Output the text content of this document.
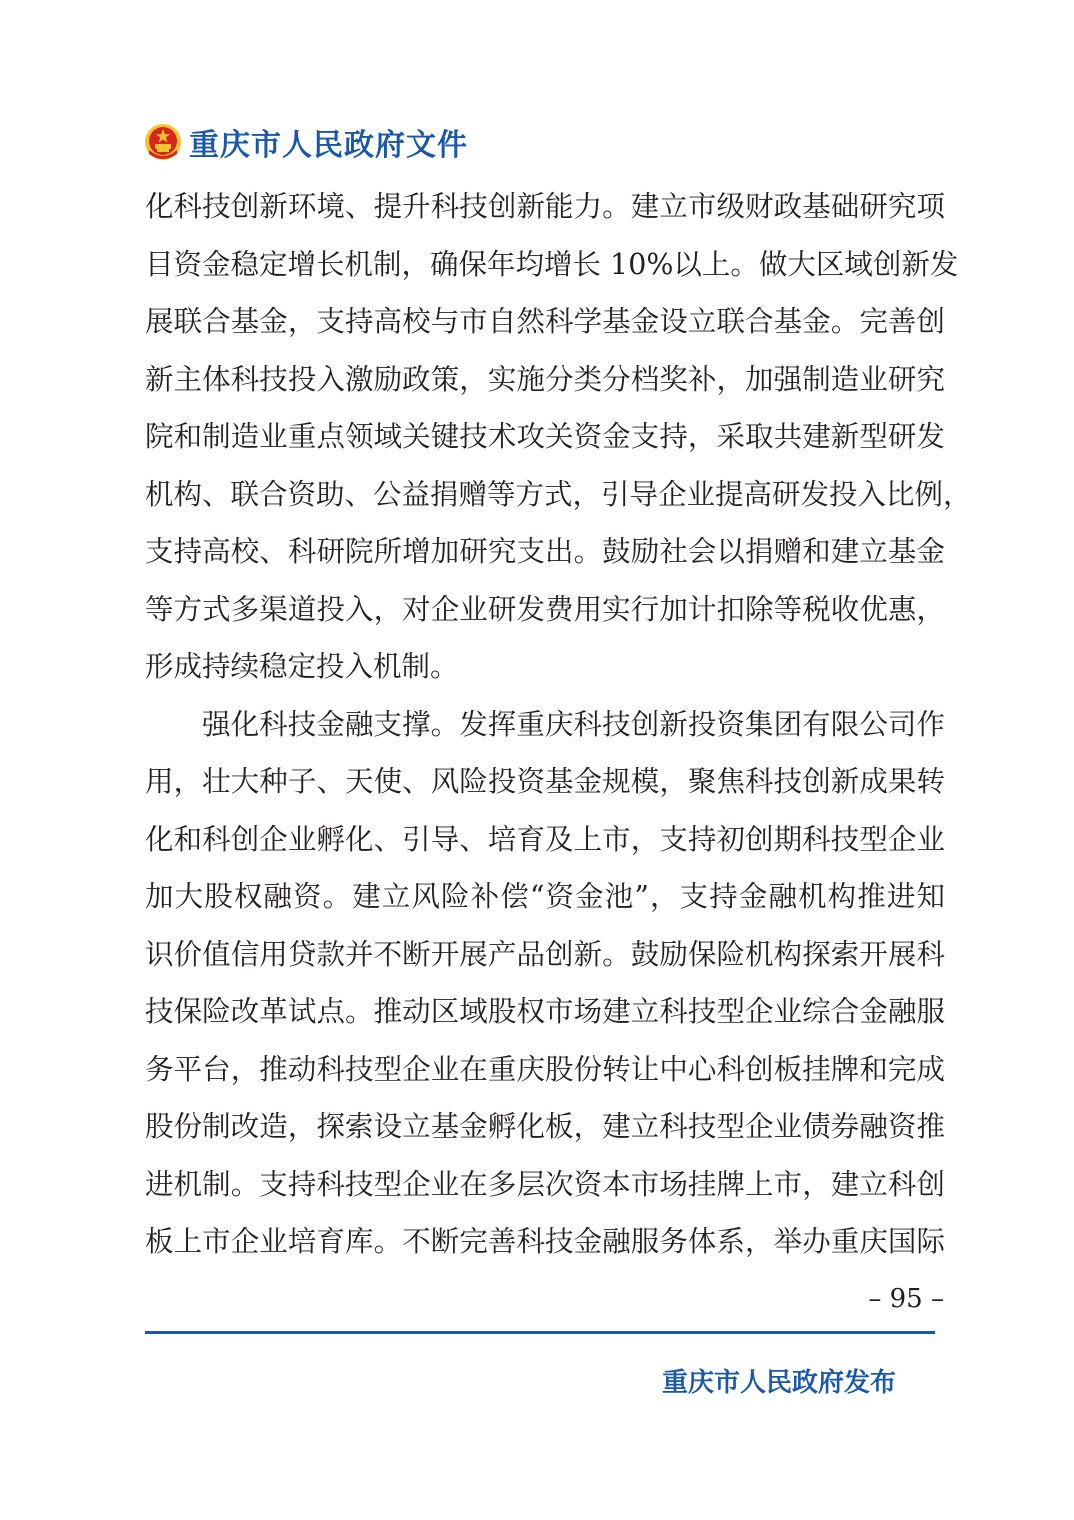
重庆市人民政府文件
化科技创新环境、提升科技创新能力。建立市级财政基础研究项
目资金稳定增长机制，确保年均增长 10%以上。做大区域创新发
展联合基金，支持高校与市自然科学基金设立联合基金。完善创
新主体科技投入激励政策，实施分类分档奖补，加强制造业研究
院和制造业重点领域关键技术攻关资金支持，采取共建新型研发
机构、联合资助、公益捐赠等方式，引导企业提高研发投入比例，
支持高校、科研院所增加研究支出。鼓励社会以捐赠和建立基金
等方式多渠道投入，对企业研发费用实行加计扣除等税收优惠，
形成持续稳定投入机制。
强化科技金融支撑。发挥重庆科技创新投资集团有限公司作
用，壮大种子、天使、风险投资基金规模，聚焦科技创新成果转
化和科创企业孵化、引导、培育及上市，支持初创期科技型企业
加大股权融资。建立风险补偿“资金池”，支持金融机构推进知
识价值信用贷款并不断开展产品创新。鼓励保险机构探索开展科
技保险改革试点。推动区域股权市场建立科技型企业综合金融服
务平台，推动科技型企业在重庆股份转让中心科创板挂牌和完成
股份制改造，探索设立基金孵化板，建立科技型企业债券融资推
进机制。支持科技型企业在多层次资本市场挂牌上市，建立科创
板上市企业培育库。不断完善科技金融服务体系，举办重庆国际
– 95 –
重庆市人民政府发布
